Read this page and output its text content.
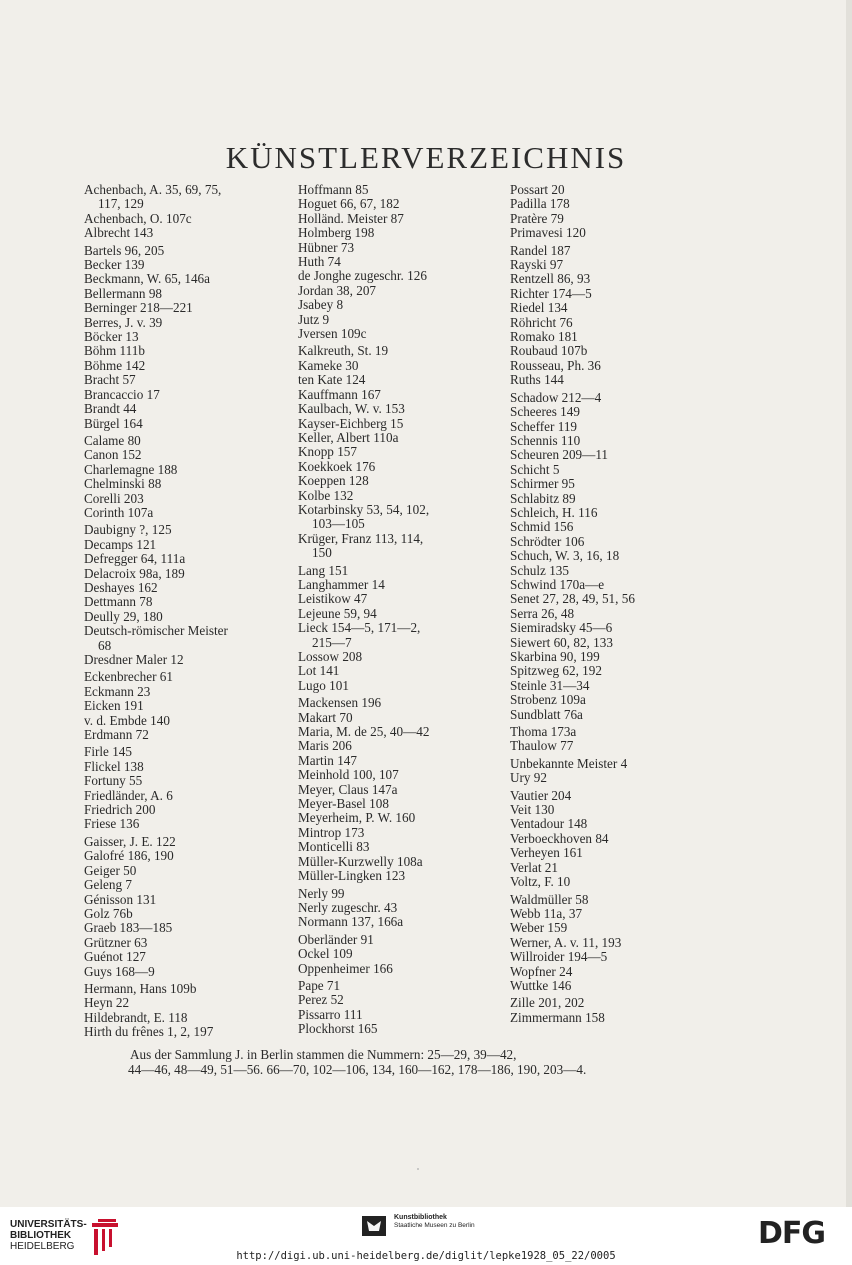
KÜNSTLERVERZEICHNIS
Achenbach, A. 35, 69, 75,
117, 129
Achenbach, O. 107c
Albrecht 143
Bartels 96, 205
Becker 139
Beckmann, W. 65, 146a
Bellermann 98
Berninger 218—221
Berres, J. v. 39
Böcker 13
Böhm 111b
Böhme 142
Bracht 57
Brancaccio 17
Brandt 44
Bürgel 164
Calame 80
Canon 152
Charlemagne 188
Chelminski 88
Corelli 203
Corinth 107a
Daubigny ?, 125
Decamps 121
Defregger 64, 111a
Delacroix 98a, 189
Deshayes 162
Dettmann 78
Deully 29, 180
Deutsch-römischer Meister
68
Dresdner Maler 12
Eckenbrecher 61
Eckmann 23
Eicken 191
v. d. Embde 140
Erdmann 72
Firle 145
Flickel 138
Fortuny 55
Friedländer, A. 6
Friedrich 200
Friese 136
Gaisser, J. E. 122
Galofré 186, 190
Geiger 50
Geleng 7
Génisson 131
Golz 76b
Graeb 183—185
Grützner 63
Guénot 127
Guys 168—9
Hermann, Hans 109b
Heyn 22
Hildebrandt, E. 118
Hirth du frênes 1, 2, 197
Hoffmann 85
Hoguet 66, 67, 182
Holländ. Meister 87
Holmberg 198
Hübner 73
Huth 74
de Jonghe zugeschr. 126
Jordan 38, 207
Jsabey 8
Jutz 9
Jversen 109c
Kalkreuth, St. 19
Kameke 30
ten Kate 124
Kauffmann 167
Kaulbach, W. v. 153
Kayser-Eichberg 15
Keller, Albert 110a
Knopp 157
Koekkoek 176
Koeppen 128
Kolbe 132
Kotarbinsky 53, 54, 102,
103—105
Krüger, Franz 113, 114,
150
Lang 151
Langhammer 14
Leistikow 47
Lejeune 59, 94
Lieck 154—5, 171—2,
215—7
Lossow 208
Lot 141
Lugo 101
Mackensen 196
Makart 70
Maria, M. de 25, 40—42
Maris 206
Martin 147
Meinhold 100, 107
Meyer, Claus 147a
Meyer-Basel 108
Meyerheim, P. W. 160
Mintrop 173
Monticelli 83
Müller-Kurzwelly 108a
Müller-Lingken 123
Nerly 99
Nerly zugeschr. 43
Normann 137, 166a
Oberländer 91
Ockel 109
Oppenheimer 166
Pape 71
Perez 52
Pissarro 111
Plockhorst 165
Possart 20
Padilla 178
Pratère 79
Primavesi 120
Randel 187
Rayski 97
Rentzell 86, 93
Richter 174—5
Riedel 134
Röhricht 76
Romako 181
Roubaud 107b
Rousseau, Ph. 36
Ruths 144
Schadow 212—4
Scheeres 149
Scheffer 119
Schennis 110
Scheuren 209—11
Schicht 5
Schirmer 95
Schlabitz 89
Schleich, H. 116
Schmid 156
Schrödter 106
Schuch, W. 3, 16, 18
Schulz 135
Schwind 170a—e
Senet 27, 28, 49, 51, 56
Serra 26, 48
Siemiradsky 45—6
Siewert 60, 82, 133
Skarbina 90, 199
Spitzweg 62, 192
Steinle 31—34
Strobenz 109a
Sundblatt 76a
Thoma 173a
Thaulow 77
Unbekannte Meister 4
Ury 92
Vautier 204
Veit 130
Ventadour 148
Verboeckhoven 84
Verheyen 161
Verlat 21
Voltz, F. 10
Waldmüller 58
Webb 11a, 37
Weber 159
Werner, A. v. 11, 193
Willroider 194—5
Wopfner 24
Wuttke 146
Zille 201, 202
Zimmermann 158
Aus der Sammlung J. in Berlin stammen die Nummern: 25—29, 39—42,
44—46, 48—49, 51—56. 66—70, 102—106, 134, 160—162, 178—186, 190, 203—4.
UNIVERSITÄTS-
BIBLIOTHEK
HEIDELBERG
Kunstbibliothek
Staatliche Museen zu Berlin	DFG
http://digi.ub.uni-heidelberg.de/diglit/lepke1928_05_22/0005
